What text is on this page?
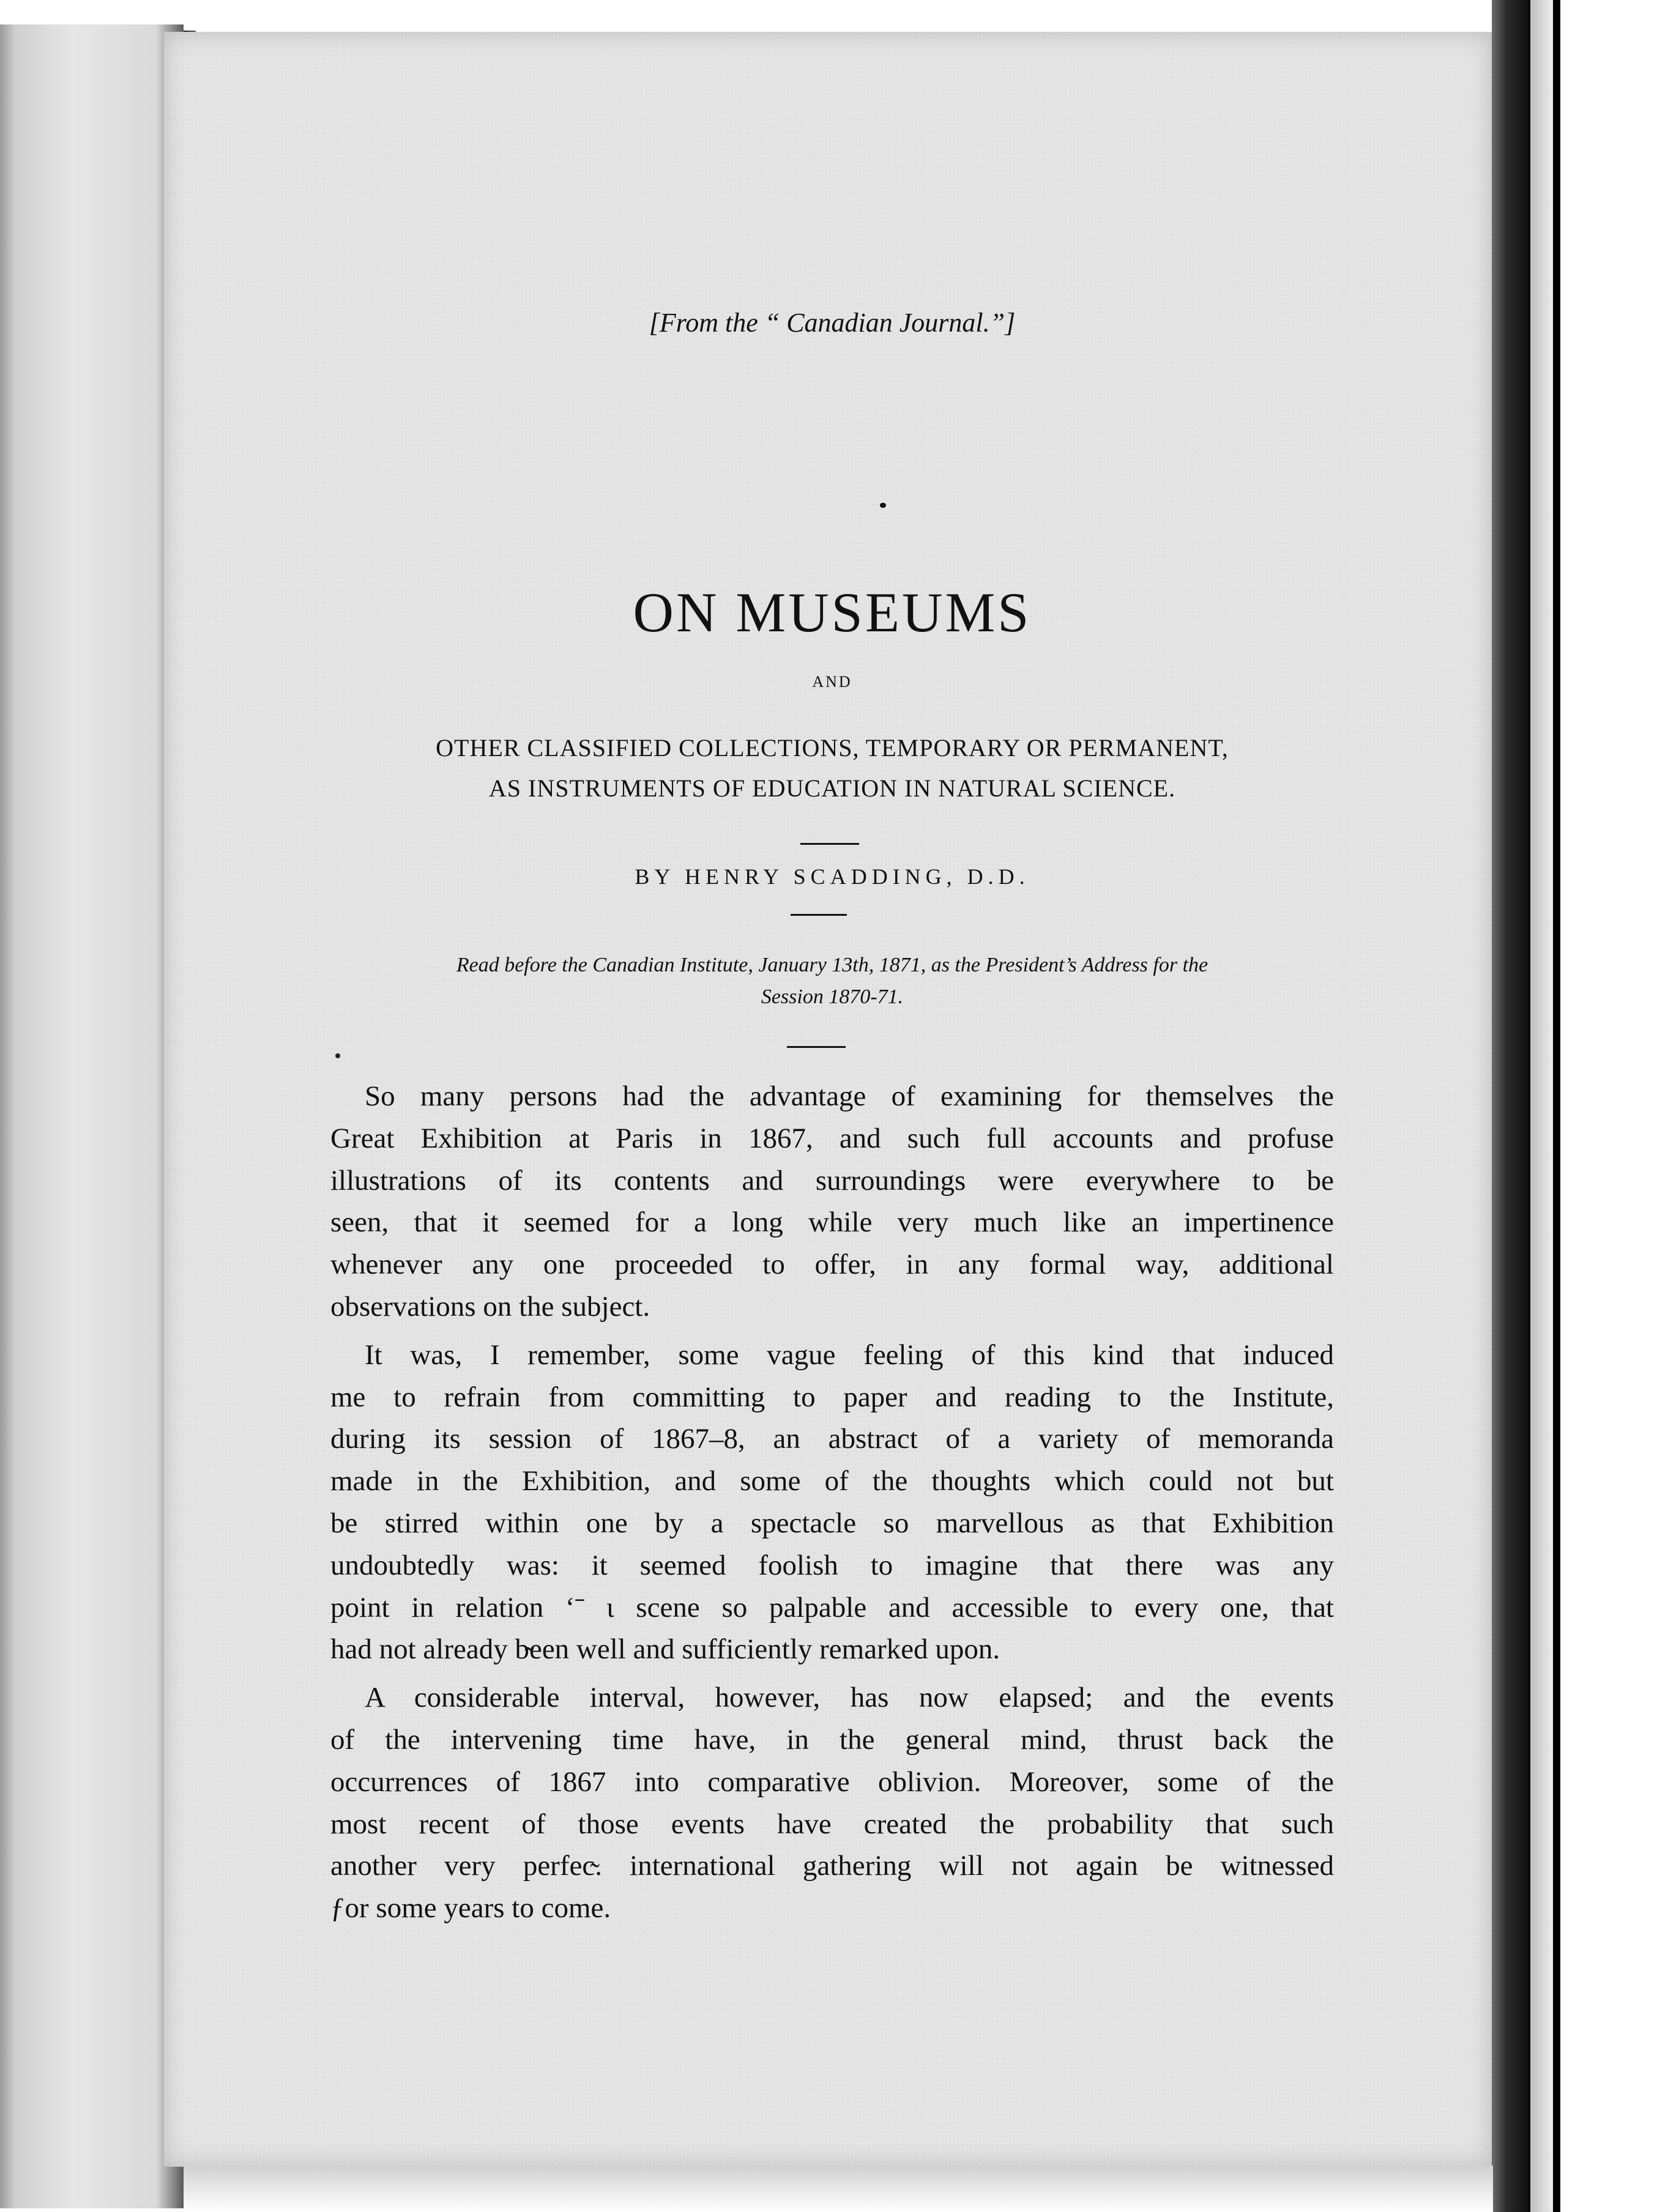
[From the “ Canadian Journal.”]
ON MUSEUMS
AND
OTHER CLASSIFIED COLLECTIONS, TEMPORARY OR PERMANENT,
AS INSTRUMENTS OF EDUCATION IN NATURAL SCIENCE.
BY HENRY SCADDING, D.D.
Read before the Canadian Institute, January 13th, 1871, as the President’s Address for the
Session 1870-71.
So many persons had the advantage of examining for themselves the
Great Exhibition at Paris in 1867, and such full accounts and profuse
illustrations of its contents and surroundings were everywhere to be
seen, that it seemed for a long while very much like an impertinence
whenever any one proceeded to offer, in any formal way, additional
observations on the subject.
It was, I remember, some vague feeling of this kind that induced
me to refrain from committing to paper and reading to the Institute,
during its session of 1867–8, an abstract of a variety of memoranda
made in the Exhibition, and some of the thoughts which could not but
be stirred within one by a spectacle so marvellous as that Exhibition
undoubtedly was: it seemed foolish to imagine that there was any
point in relation ʻˉ ι scene so palpable and accessible to every one, that
had not already b̴een well and sufficiently remarked upon.
A considerable interval, however, has now elapsed; and the events
of the intervening time have, in the general mind, thrust back the
occurrences of 1867 into comparative oblivion. Moreover, some of the
most recent of those events have created the probability that such
another very perfec̴. international gathering will not again be witnessed
ƒor some years to come.
